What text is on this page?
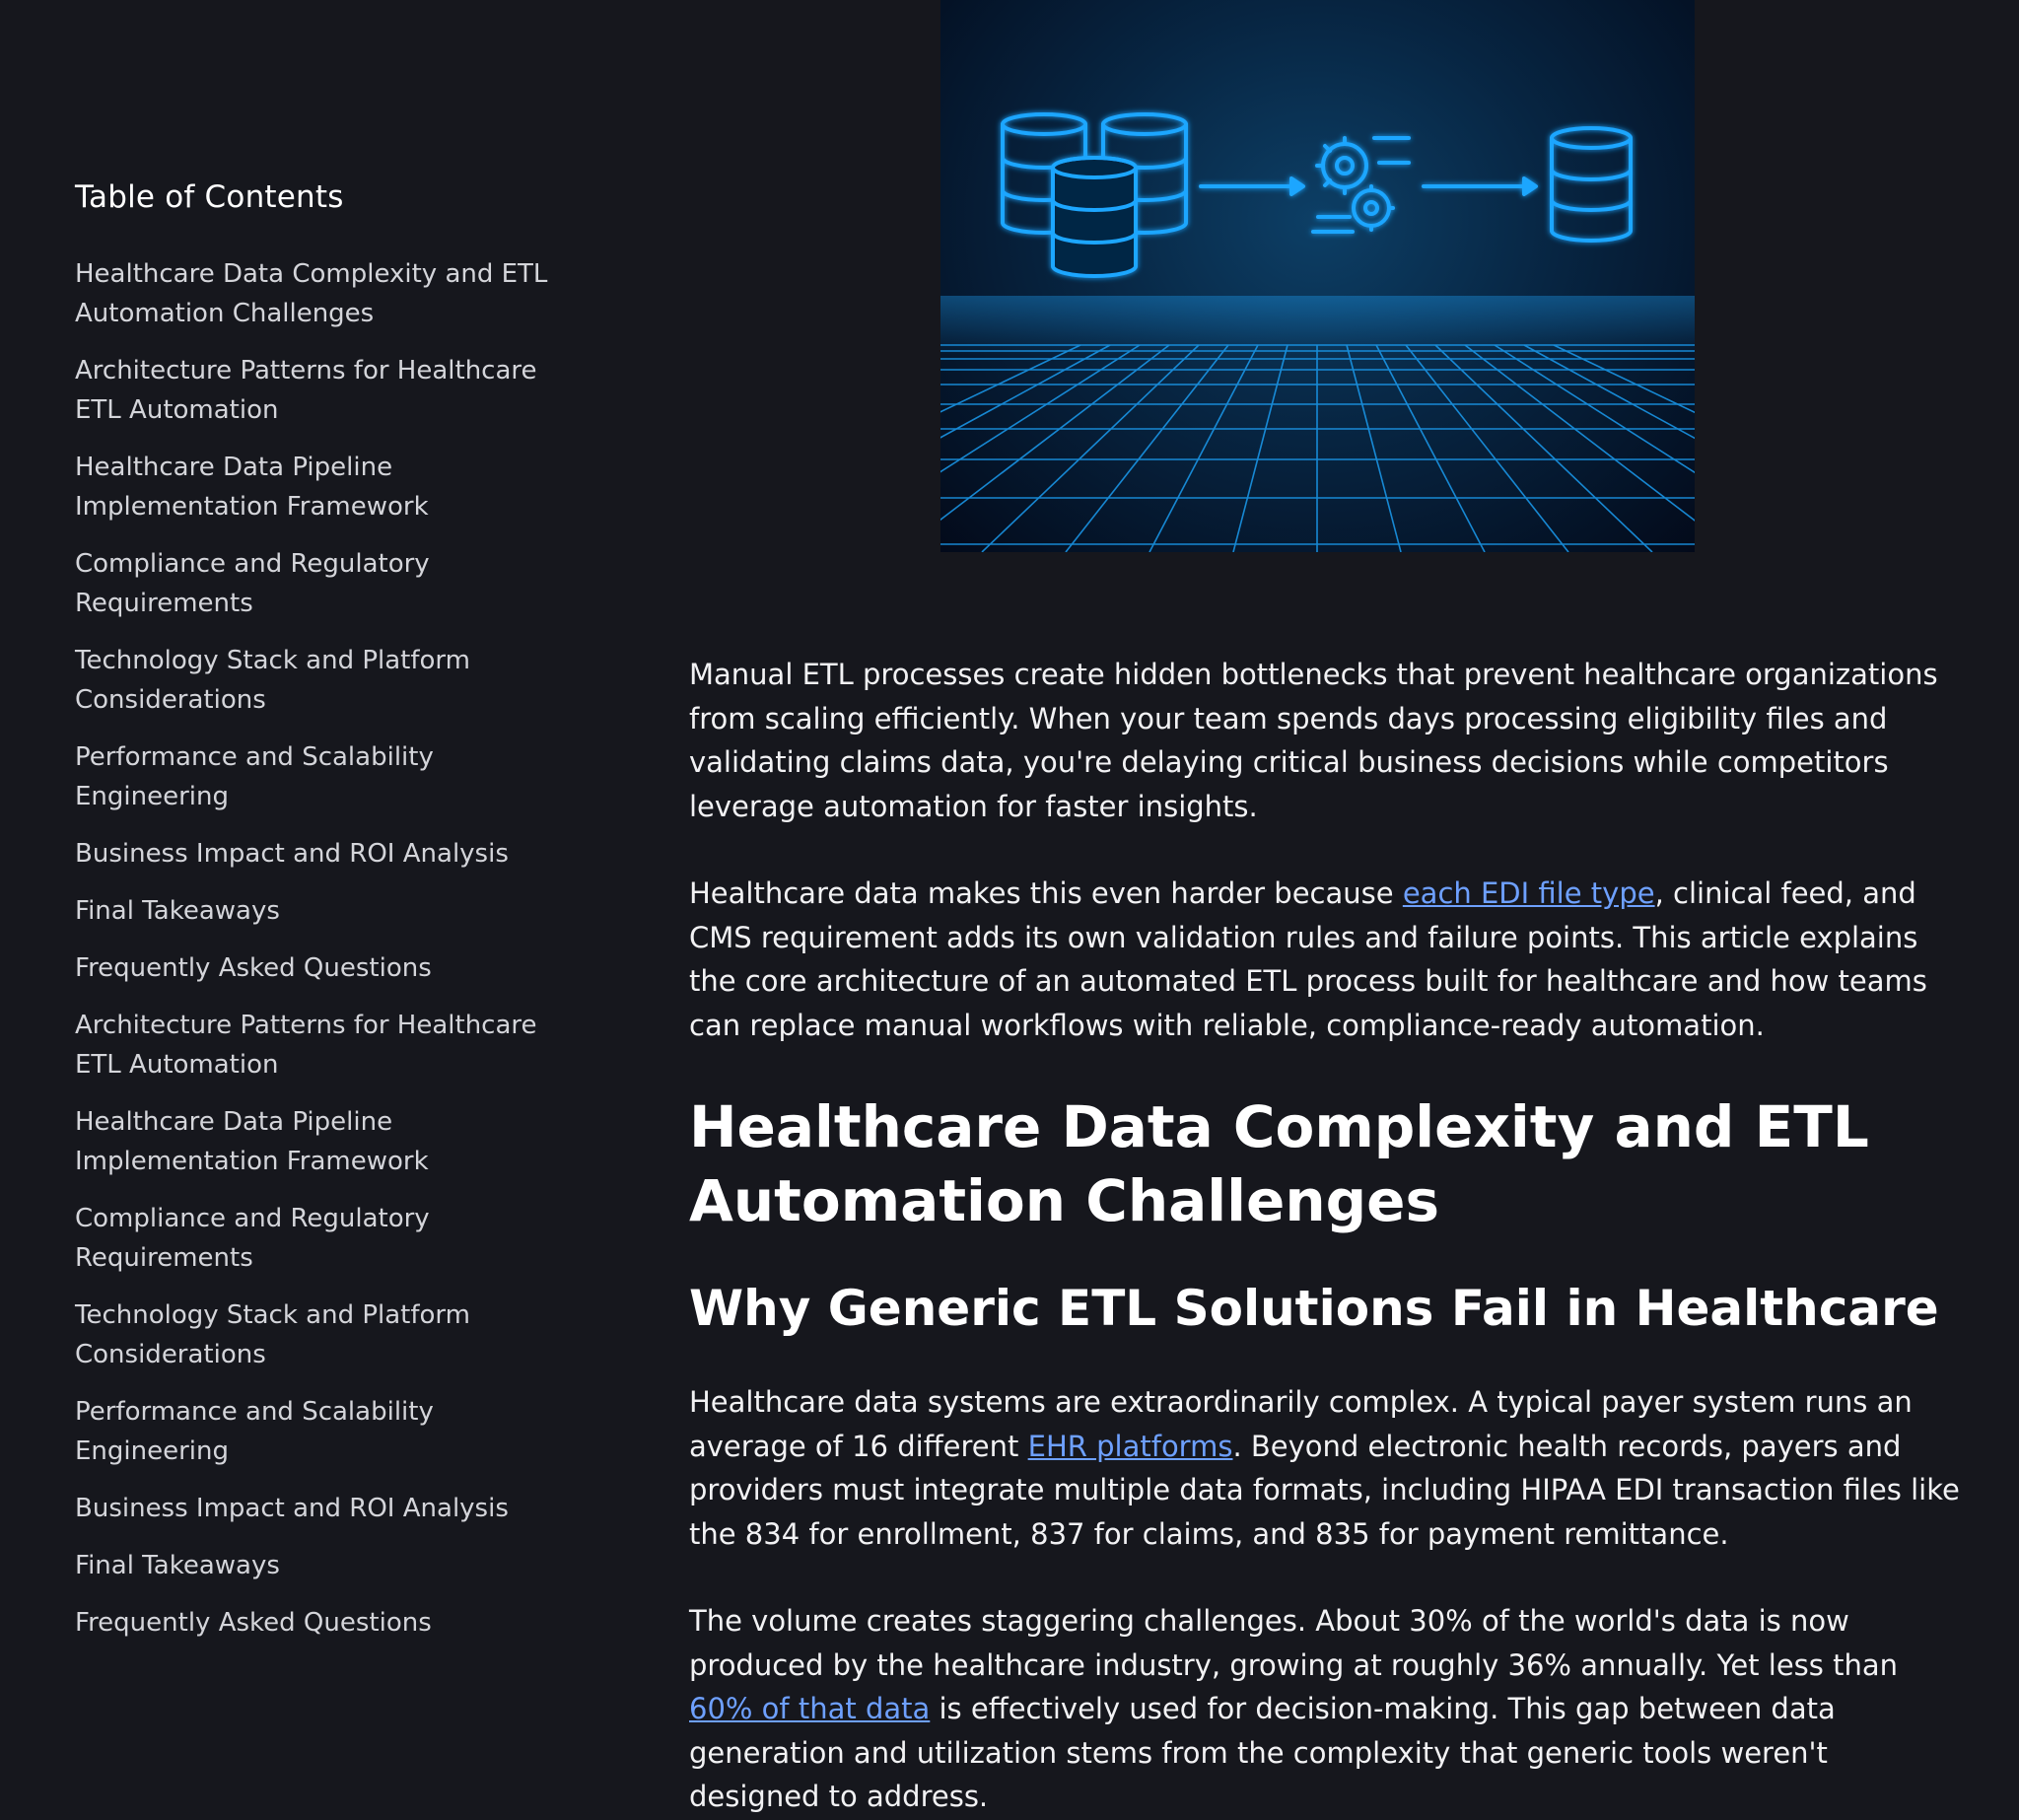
Table of Contents
Healthcare Data Complexity and ETL Automation Challenges
Architecture Patterns for Healthcare ETL Automation
Healthcare Data Pipeline Implementation Framework
Compliance and Regulatory Requirements
Technology Stack and Platform Considerations
Performance and Scalability Engineering
Business Impact and ROI Analysis
Final Takeaways
Frequently Asked Questions
Architecture Patterns for Healthcare ETL Automation
Healthcare Data Pipeline Implementation Framework
Compliance and Regulatory Requirements
Technology Stack and Platform Considerations
Performance and Scalability Engineering
Business Impact and ROI Analysis
Final Takeaways
Frequently Asked Questions

Manual ETL processes create hidden bottlenecks that prevent healthcare organizations from scaling efficiently. When your team spends days processing eligibility files and validating claims data, you're delaying critical business decisions while competitors leverage automation for faster insights.

Healthcare data makes this even harder because each EDI file type, clinical feed, and CMS requirement adds its own validation rules and failure points. This article explains the core architecture of an automated ETL process built for healthcare and how teams can replace manual workflows with reliable, compliance-ready automation.

Healthcare Data Complexity and ETL Automation Challenges
Why Generic ETL Solutions Fail in Healthcare

Healthcare data systems are extraordinarily complex. A typical payer system runs an average of 16 different EHR platforms. Beyond electronic health records, payers and providers must integrate multiple data formats, including HIPAA EDI transaction files like the 834 for enrollment, 837 for claims, and 835 for payment remittance.

The volume creates staggering challenges. About 30% of the world's data is now produced by the healthcare industry, growing at roughly 36% annually. Yet less than 60% of that data is effectively used for decision-making. This gap between data generation and utilization stems from the complexity that generic tools weren't designed to address.
